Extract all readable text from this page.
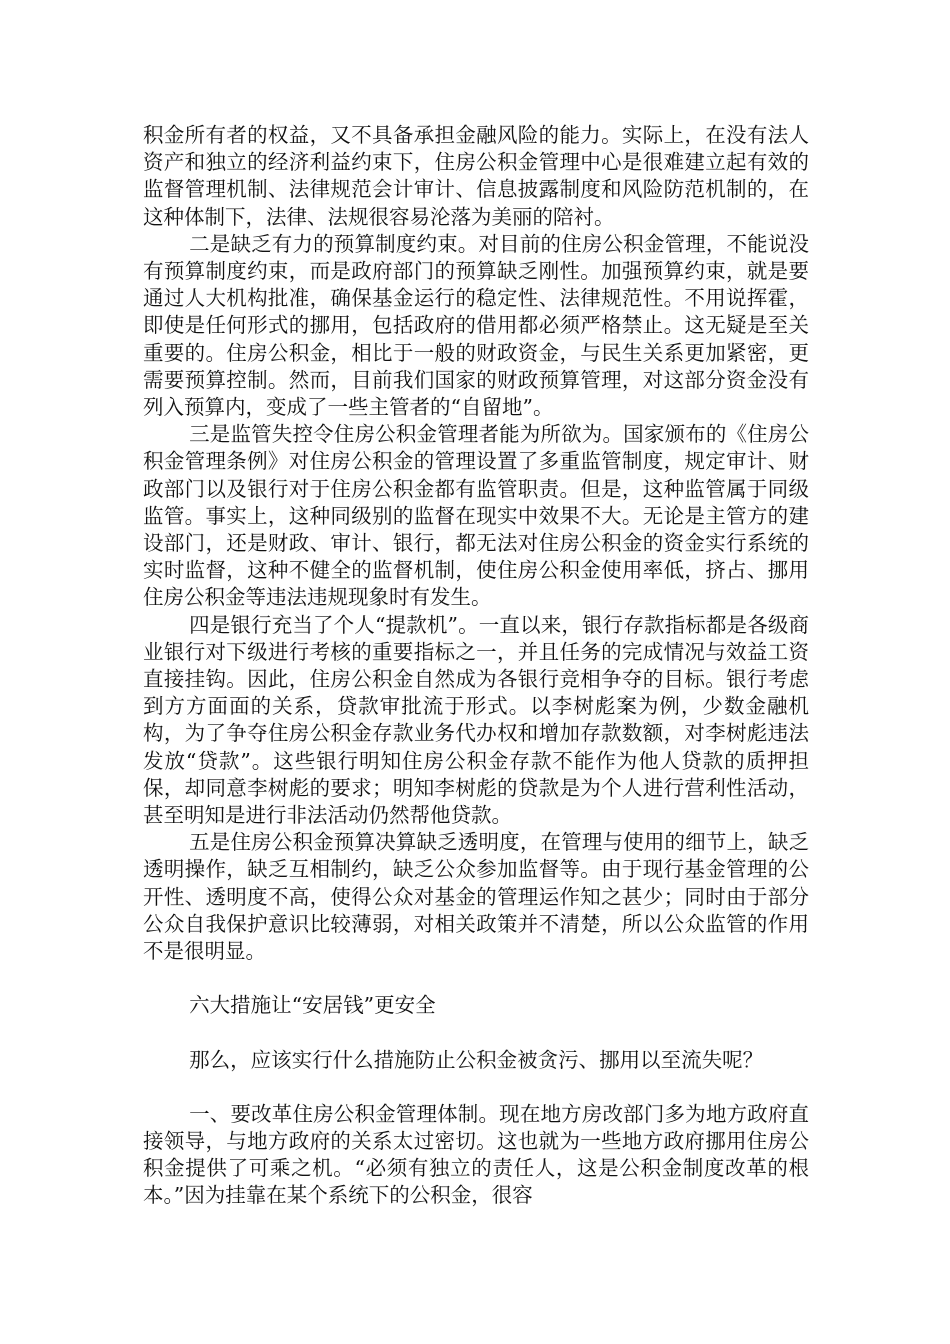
积金所有者的权益，又不具备承担金融风险的能力。实际上，在没有法人资产和独立的经济利益约束下，住房公积金管理中心是很难建立起有效的监督管理机制、法律规范会计审计、信息披露制度和风险防范机制的，在这种体制下，法律、法规很容易沦落为美丽的陪衬。

二是缺乏有力的预算制度约束。对目前的住房公积金管理，不能说没有预算制度约束，而是政府部门的预算缺乏刚性。加强预算约束，就是要通过人大机构批准，确保基金运行的稳定性、法律规范性。不用说挥霍，即使是任何形式的挪用，包括政府的借用都必须严格禁止。这无疑是至关重要的。住房公积金，相比于一般的财政资金，与民生关系更加紧密，更需要预算控制。然而，目前我们国家的财政预算管理，对这部分资金没有列入预算内，变成了一些主管者的“自留地”。

三是监管失控令住房公积金管理者能为所欲为。国家颁布的《住房公积金管理条例》对住房公积金的管理设置了多重监管制度，规定审计、财政部门以及银行对于住房公积金都有监管职责。但是，这种监管属于同级监管。事实上，这种同级别的监督在现实中效果不大。无论是主管方的建设部门，还是财政、审计、银行，都无法对住房公积金的资金实行系统的实时监督，这种不健全的监督机制，使住房公积金使用率低，挤占、挪用住房公积金等违法违规现象时有发生。

四是银行充当了个人“提款机”。一直以来，银行存款指标都是各级商业银行对下级进行考核的重要指标之一，并且任务的完成情况与效益工资直接挂钩。因此，住房公积金自然成为各银行竞相争夺的目标。银行考虑到方方面面的关系，贷款审批流于形式。以李树彪案为例，少数金融机构，为了争夺住房公积金存款业务代办权和增加存款数额，对李树彪违法发放“贷款”。这些银行明知住房公积金存款不能作为他人贷款的质押担保，却同意李树彪的要求；明知李树彪的贷款是为个人进行营利性活动，甚至明知是进行非法活动仍然帮他贷款。

五是住房公积金预算决算缺乏透明度，在管理与使用的细节上，缺乏透明操作，缺乏互相制约，缺乏公众参加监督等。由于现行基金管理的公开性、透明度不高，使得公众对基金的管理运作知之甚少；同时由于部分公众自我保护意识比较薄弱，对相关政策并不清楚，所以公众监管的作用不是很明显。

六大措施让“安居钱”更安全

那么，应该实行什么措施防止公积金被贪污、挪用以至流失呢？

一、要改革住房公积金管理体制。现在地方房改部门多为地方政府直接领导，与地方政府的关系太过密切。这也就为一些地方政府挪用住房公积金提供了可乘之机。“必须有独立的责任人，这是公积金制度改革的根本。”因为挂靠在某个系统下的公积金，很容
